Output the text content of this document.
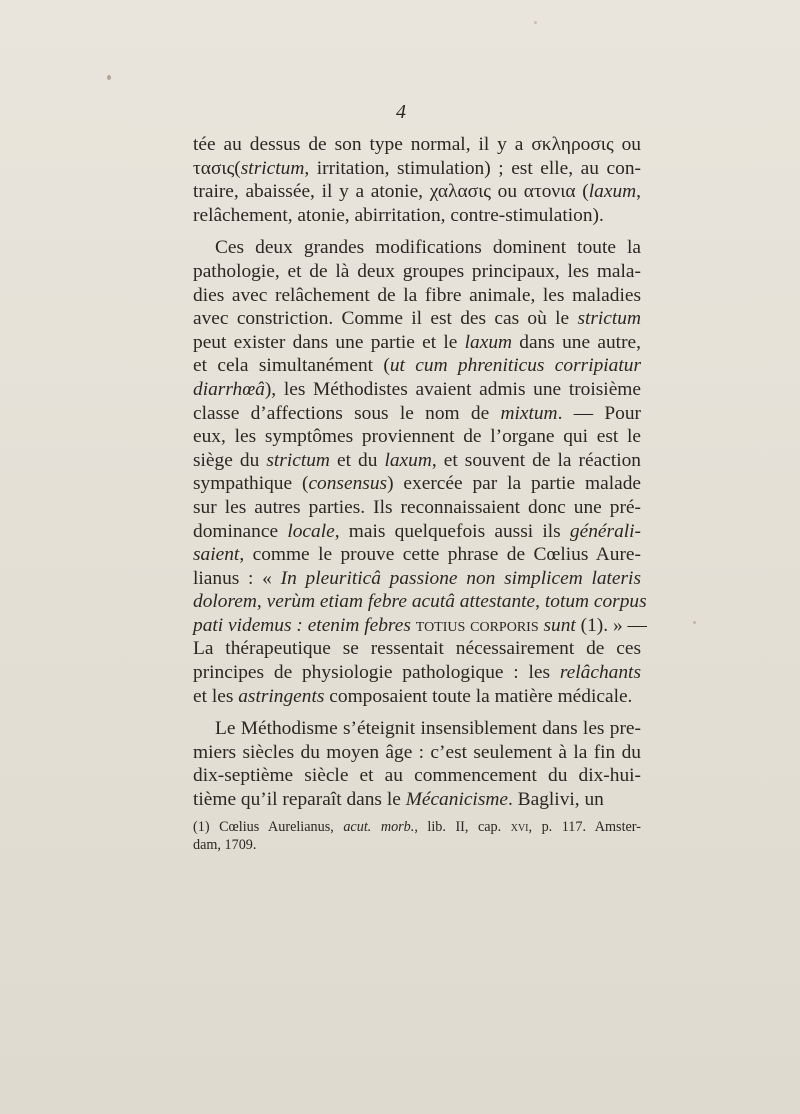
4

tée au dessus de son type normal, il y a σκληροσις ou
τασις(strictum, irritation, stimulation) ; est elle, au con-
traire, abaissée, il y a atonie, χαλασις ou ατονια (laxum,
relâchement, atonie, abirritation, contre-stimulation).

Ces deux grandes modifications dominent toute la
pathologie, et de là deux groupes principaux, les mala-
dies avec relâchement de la fibre animale, les maladies
avec constriction. Comme il est des cas où le strictum
peut exister dans une partie et le laxum dans une autre,
et cela simultanément (ut cum phreniticus corripiatur
diarrhœâ), les Méthodistes avaient admis une troisième
classe d’affections sous le nom de mixtum. — Pour
eux, les symptômes proviennent de l’organe qui est le
siège du strictum et du laxum, et souvent de la réaction
sympathique (consensus) exercée par la partie malade
sur les autres parties. Ils reconnaissaient donc une pré-
dominance locale, mais quelquefois aussi ils générali-
saient, comme le prouve cette phrase de Cœlius Aure-
lianus : « In pleuriticâ passione non simplicem lateris
dolorem, verùm etiam febre acutâ attestante, totum corpus
pati videmus : etenim febres totius corporis sunt (1). » —
La thérapeutique se ressentait nécessairement de ces
principes de physiologie pathologique : les relâchants
et les astringents composaient toute la matière médicale.

Le Méthodisme s’éteignit insensiblement dans les pre-
miers siècles du moyen âge : c’est seulement à la fin du
dix-septième siècle et au commencement du dix-hui-
tième qu’il reparaît dans le Mécanicisme. Baglivi, un

(1) Cœlius Aurelianus, acut. morb., lib. II, cap. xvi, p. 117. Amster-
dam, 1709.
